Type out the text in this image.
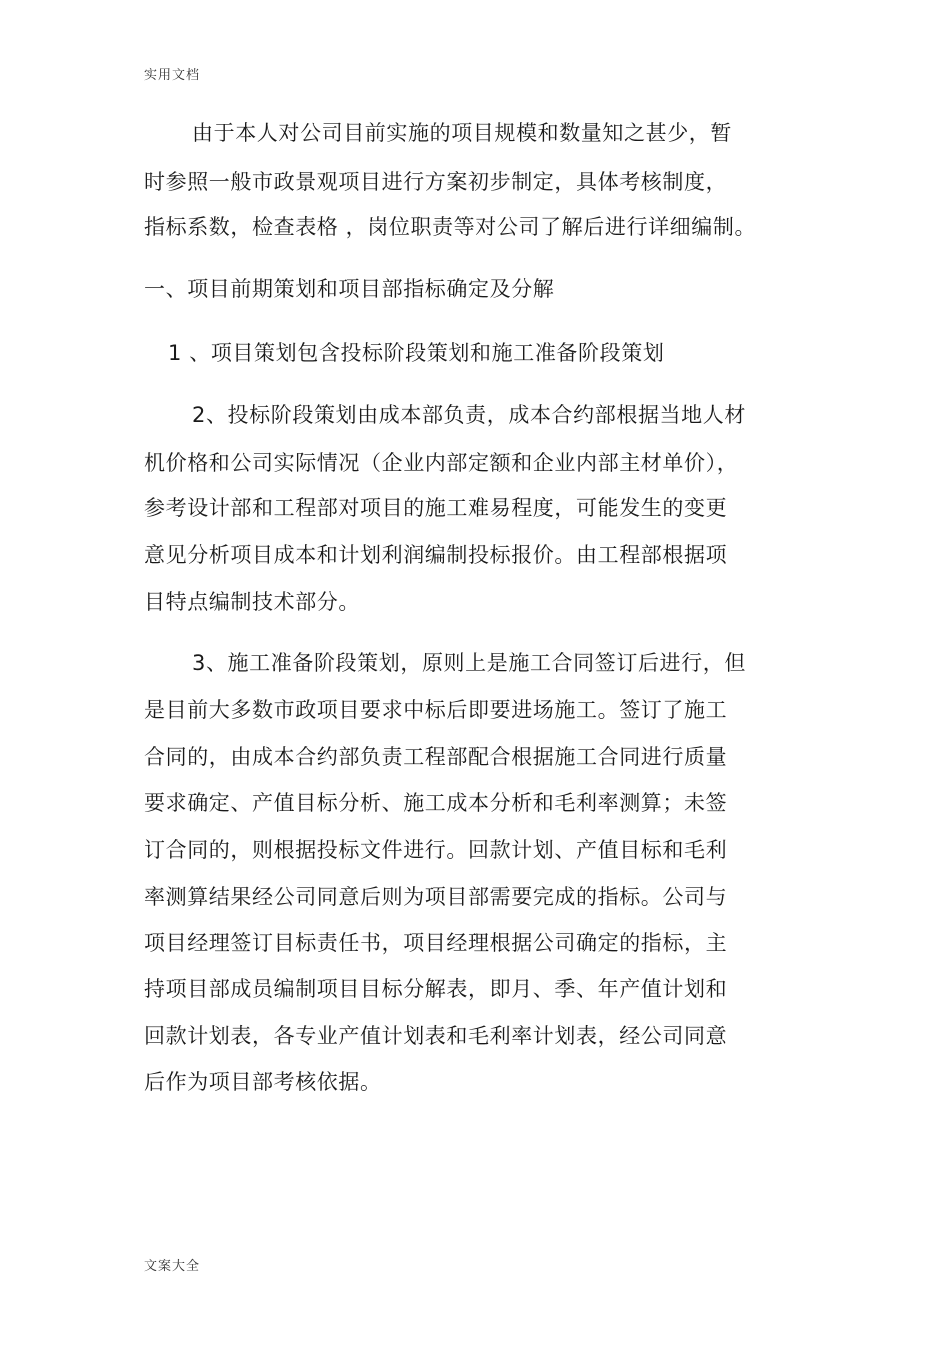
实用文档
由于本人对公司目前实施的项目规模和数量知之甚少，暂
时参照一般市政景观项目进行方案初步制定，具体考核制度，
指标系数，检查表格 ，岗位职责等对公司了解后进行详细编制。
一、项目前期策划和项目部指标确定及分解
1 、项目策划包含投标阶段策划和施工准备阶段策划
2、投标阶段策划由成本部负责，成本合约部根据当地人材
机价格和公司实际情况（企业内部定额和企业内部主材单价），
参考设计部和工程部对项目的施工难易程度，可能发生的变更
意见分析项目成本和计划利润编制投标报价。由工程部根据项
目特点编制技术部分。
3、施工准备阶段策划，原则上是施工合同签订后进行，但
是目前大多数市政项目要求中标后即要进场施工。签订了施工
合同的，由成本合约部负责工程部配合根据施工合同进行质量
要求确定、产值目标分析、施工成本分析和毛利率测算；未签
订合同的，则根据投标文件进行。回款计划、产值目标和毛利
率测算结果经公司同意后则为项目部需要完成的指标。公司与
项目经理签订目标责任书，项目经理根据公司确定的指标，主
持项目部成员编制项目目标分解表，即月、季、年产值计划和
回款计划表，各专业产值计划表和毛利率计划表，经公司同意
后作为项目部考核依据。
文案大全
